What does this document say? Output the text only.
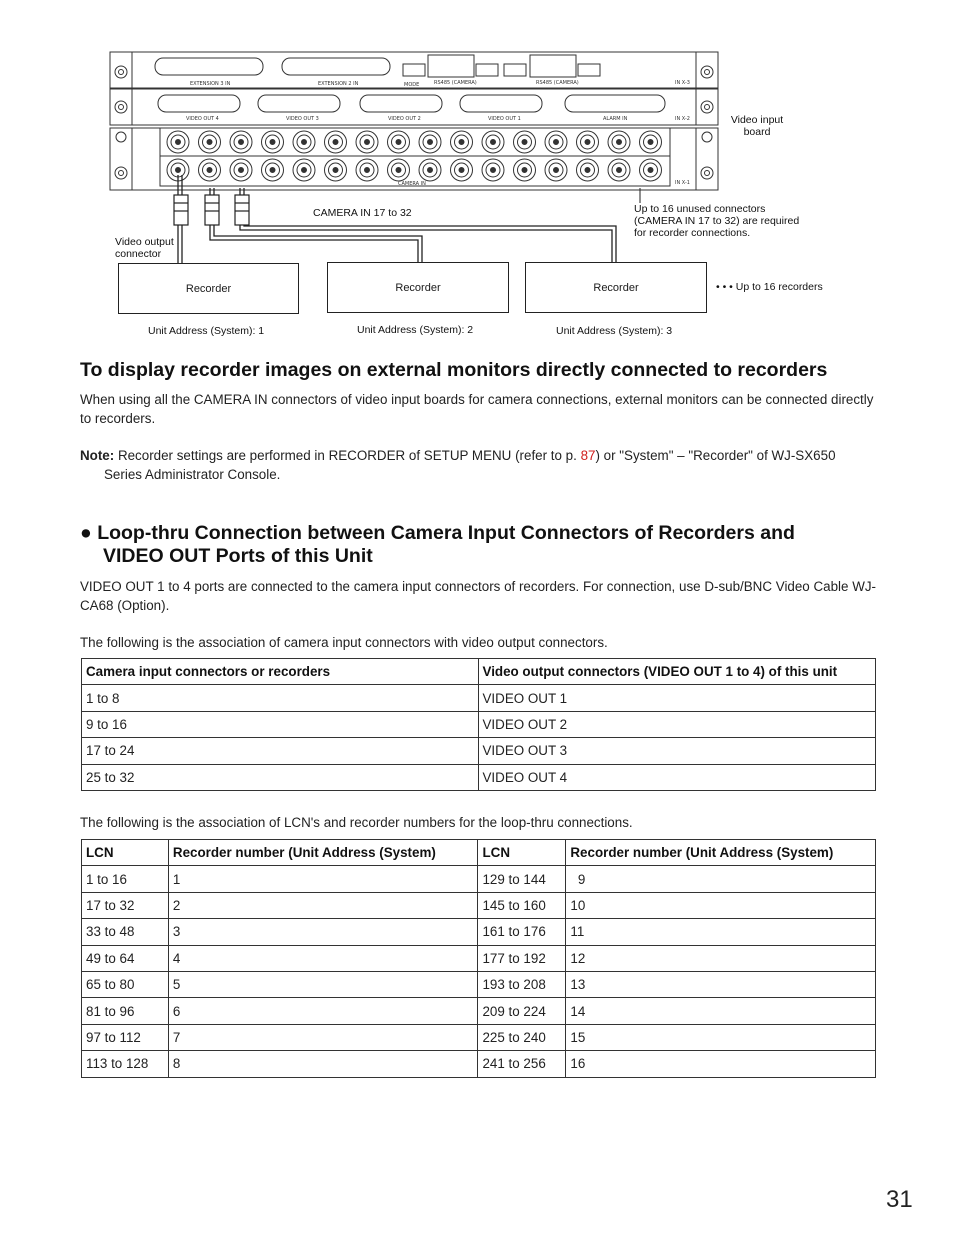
EXTENSION 3 IN	EXTENSION 2 IN	MODE	RS485 (CAMERA)	RS485 (CAMERA)
VIDEO OUT 4	VIDEO OUT 3	VIDEO OUT 2	VIDEO OUT 1	ALARM IN
CAMERA IN
IN X-3
IN X-2
IN X-1
Video input board
CAMERA IN 17 to 32	Up to 16 unused connectors
(CAMERA IN 17 to 32) are required
for recorder connections.
Video output
connector
Recorder	Recorder	Recorder	• • • Up to 16 recorders
Unit Address (System): 1	Unit Address (System): 2	Unit Address (System): 3
To display recorder images on external monitors directly connected to recorders

When using all the CAMERA IN connectors of video input boards for camera connections, external monitors can be connected directly to recorders.

Note: Recorder settings are performed in RECORDER of SETUP MENU (refer to p. 87) or "System" – "Recorder" of WJ-SX650 Series Administrator Console.

● Loop-thru Connection between Camera Input Connectors of Recorders and
VIDEO OUT Ports of this Unit

VIDEO OUT 1 to 4 ports are connected to the camera input connectors of recorders. For connection, use D-sub/BNC Video Cable WJ-CA68 (Option).

The following is the association of camera input connectors with video output connectors.

Camera input connectors or recorders	Video output connectors (VIDEO OUT 1 to 4) of this unit
1 to 8	VIDEO OUT 1
9 to 16	VIDEO OUT 2
17 to 24	VIDEO OUT 3
25 to 32	VIDEO OUT 4

The following is the association of LCN's and recorder numbers for the loop-thru connections.

LCN	Recorder number (Unit Address (System)	LCN	Recorder number (Unit Address (System)
1 to 16	1	129 to 144	9
17 to 32	2	145 to 160	10
33 to 48	3	161 to 176	11
49 to 64	4	177 to 192	12
65 to 80	5	193 to 208	13
81 to 96	6	209 to 224	14
97 to 112	7	225 to 240	15
113 to 128	8	241 to 256	16
31
